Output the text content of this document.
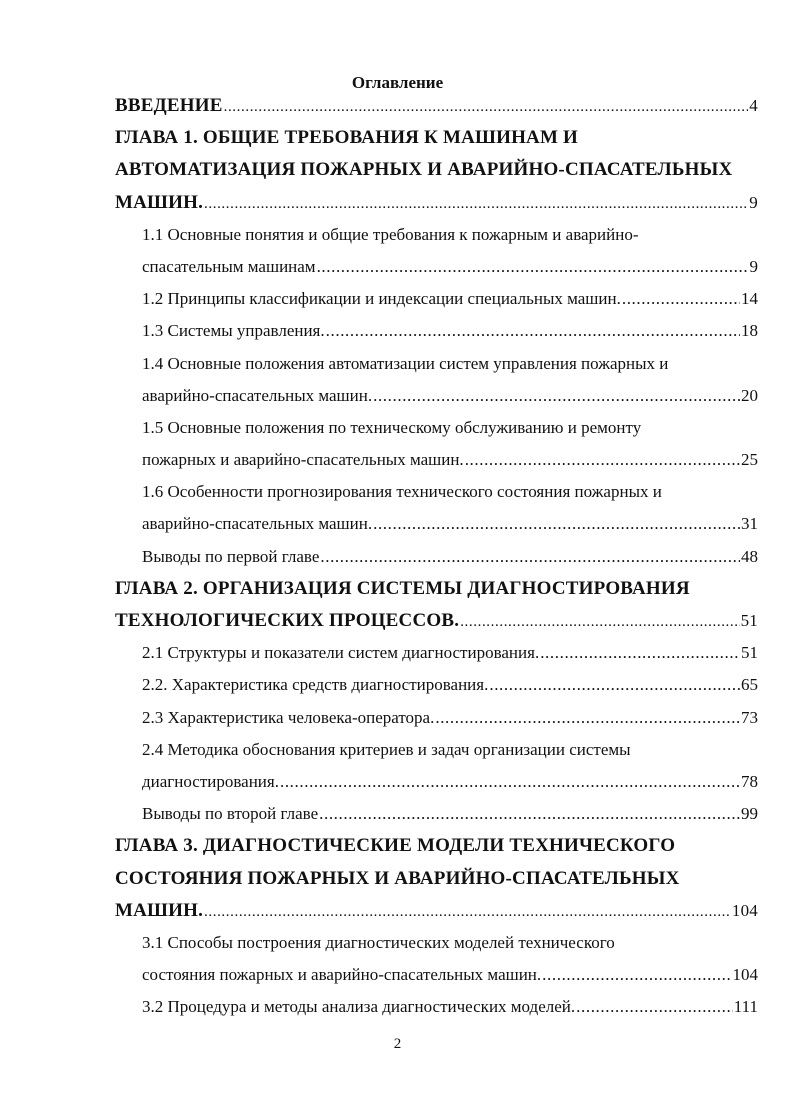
Оглавление
ВВЕДЕНИЕ .....	4
ГЛАВА 1. ОБЩИЕ ТРЕБОВАНИЯ К МАШИНАМ И
АВТОМАТИЗАЦИЯ ПОЖАРНЫХ И АВАРИЙНО-СПАСАТЕЛЬНЫХ
МАШИН. .....	9
1.1 Основные понятия и общие требования к пожарным и аварийно-
спасательным машинам .....	9
1.2 Принципы классификации и индексации специальных машин. .....	14
1.3 Системы управления. .....	18
1.4 Основные положения автоматизации систем управления пожарных и
аварийно-спасательных машин. .....	20
1.5 Основные положения по техническому обслуживанию и ремонту
пожарных и аварийно-спасательных машин. .....	25
1.6 Особенности прогнозирования технического состояния пожарных и
аварийно-спасательных машин. .....	31
Выводы по первой главе .....	48
ГЛАВА 2. ОРГАНИЗАЦИЯ СИСТЕМЫ ДИАГНОСТИРОВАНИЯ
ТЕХНОЛОГИЧЕСКИХ ПРОЦЕССОВ. .....	51
2.1 Структуры и показатели систем диагностирования. .....	51
2.2. Характеристика средств диагностирования. .....	65
2.3 Характеристика человека-оператора. .....	73
2.4 Методика обоснования критериев и задач организации системы
диагностирования. .....	78
Выводы по второй главе .....	99
ГЛАВА 3. ДИАГНОСТИЧЕСКИЕ МОДЕЛИ ТЕХНИЧЕСКОГО
СОСТОЯНИЯ ПОЖАРНЫХ И АВАРИЙНО-СПАСАТЕЛЬНЫХ
МАШИН. .....	104
3.1 Способы построения диагностических моделей технического
состояния пожарных и аварийно-спасательных машин. .....	104
3.2 Процедура и методы анализа диагностических моделей. .....	111
2
